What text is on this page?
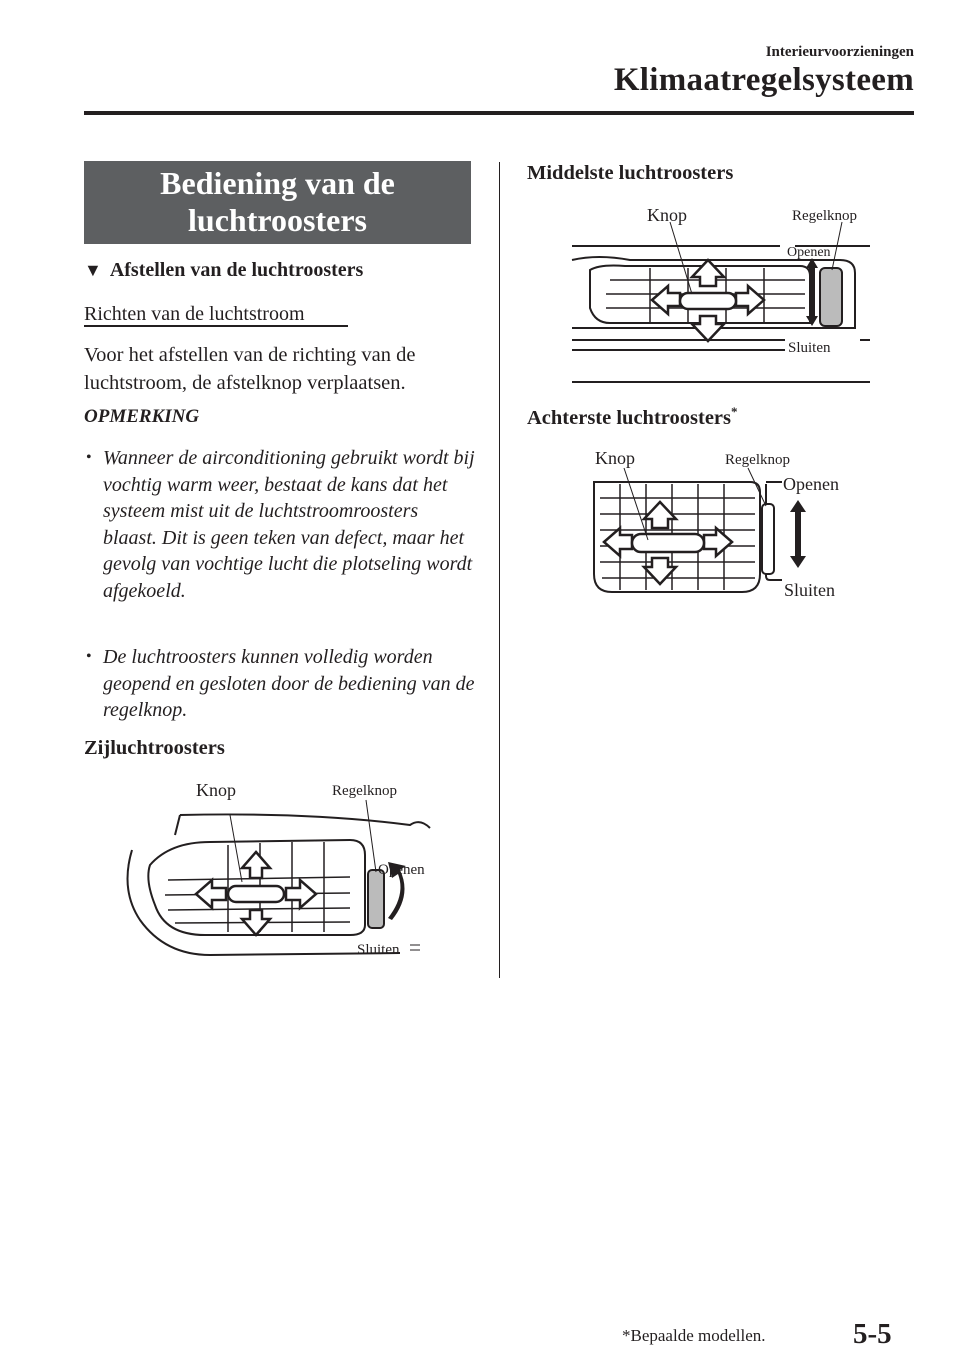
Interieurvoorzieningen
Klimaatregelsysteem
Bediening van de
luchtroosters
▼ Afstellen van de luchtroosters
Richten van de luchtstroom
Voor het afstellen van de richting van de luchtstroom, de afstelknop verplaatsen.
OPMERKING
• Wanneer de airconditioning gebruikt wordt bij vochtig warm weer, bestaat de kans dat het systeem mist uit de luchtstroomroosters blaast. Dit is geen teken van defect, maar het gevolg van vochtige lucht die plotseling wordt afgekoeld.
• De luchtroosters kunnen volledig worden geopend en gesloten door de bediening van de regelknop.
Zijluchtroosters
Knop	Regelknop
Openen
Sluiten
Middelste luchtroosters
Knop	Regelknop
Openen
Sluiten
Achterste luchtroosters*
Knop	Regelknop
Openen
Sluiten
*Bepaalde modellen.	5-5
